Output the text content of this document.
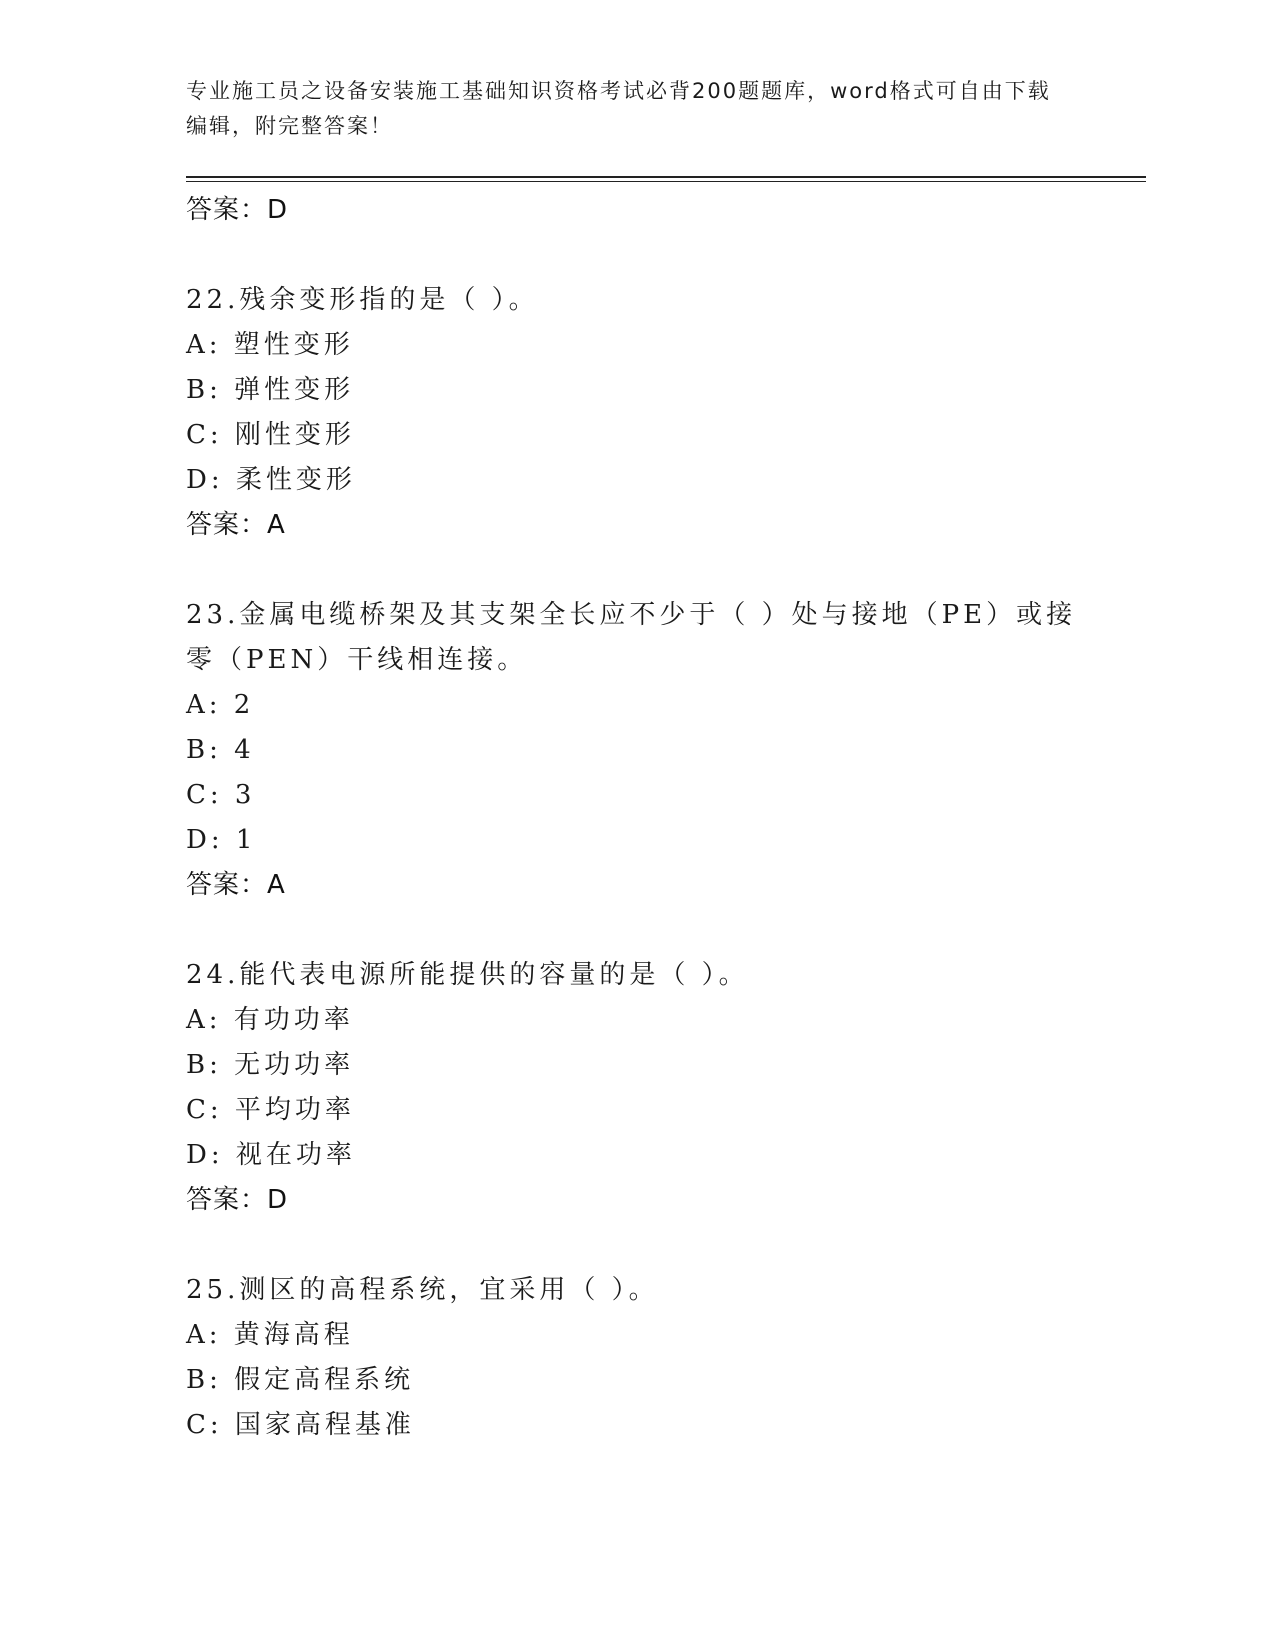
专业施工员之设备安装施工基础知识资格考试必背200题题库，word格式可自由下载编辑，附完整答案！

答案：D

22.残余变形指的是（ ）。

A: 塑性变形

B: 弹性变形

C: 刚性变形

D: 柔性变形

答案：A

23.金属电缆桥架及其支架全长应不少于（ ）处与接地（PE）或接零（PEN）干线相连接。

A: 2

B: 4

C: 3

D: 1

答案：A

24.能代表电源所能提供的容量的是（ ）。

A: 有功功率

B: 无功功率

C: 平均功率

D: 视在功率

答案：D

25.测区的高程系统，宜采用（ ）。

A: 黄海高程

B: 假定高程系统

C: 国家高程基准
